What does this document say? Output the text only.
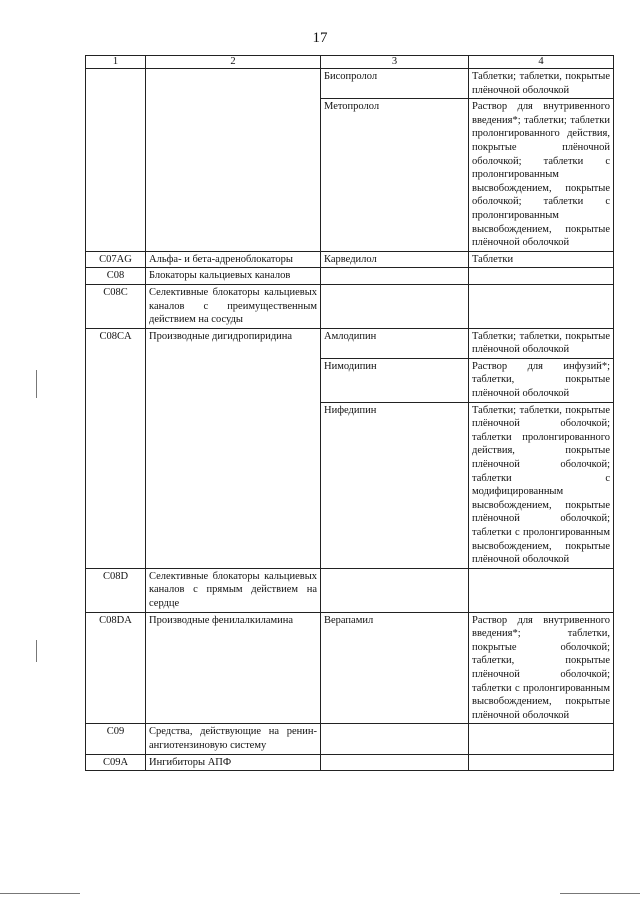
17
1	2	3	4
		Бисопролол	Таблетки; таблетки, покрытые плёночной оболочкой
		Метопролол	Раствор для внутривенного введения*; таблетки; таблетки пролонгированного действия, покрытые плёночной оболочкой; таблетки с пролонгированным высвобождением, покрытые оболочкой; таблетки с пролонгированным высвобождением, покрытые плёночной оболочкой
C07AG	Альфа- и бета-адреноблокаторы	Карведилол	Таблетки
C08	Блокаторы кальциевых каналов		
C08C	Селективные блокаторы кальциевых каналов с преимущественным действием на сосуды		
C08CA	Производные дигидропиридина	Амлодипин	Таблетки; таблетки, покрытые плёночной оболочкой
		Нимодипин	Раствор для инфузий*; таблетки, покрытые плёночной оболочкой
		Нифедипин	Таблетки; таблетки, покрытые плёночной оболочкой; таблетки пролонгированного действия, покрытые плёночной оболочкой; таблетки с модифицированным высвобождением, покрытые плёночной оболочкой; таблетки с пролонгированным высвобождением, покрытые плёночной оболочкой
C08D	Селективные блокаторы кальциевых каналов с прямым действием на сердце		
C08DA	Производные фенилалкиламина	Верапамил	Раствор для внутривенного введения*; таблетки, покрытые оболочкой; таблетки, покрытые плёночной оболочкой; таблетки с пролонгированным высвобождением, покрытые плёночной оболочкой
C09	Средства, действующие на ренин-ангиотензиновую систему		
C09A	Ингибиторы АПФ		
